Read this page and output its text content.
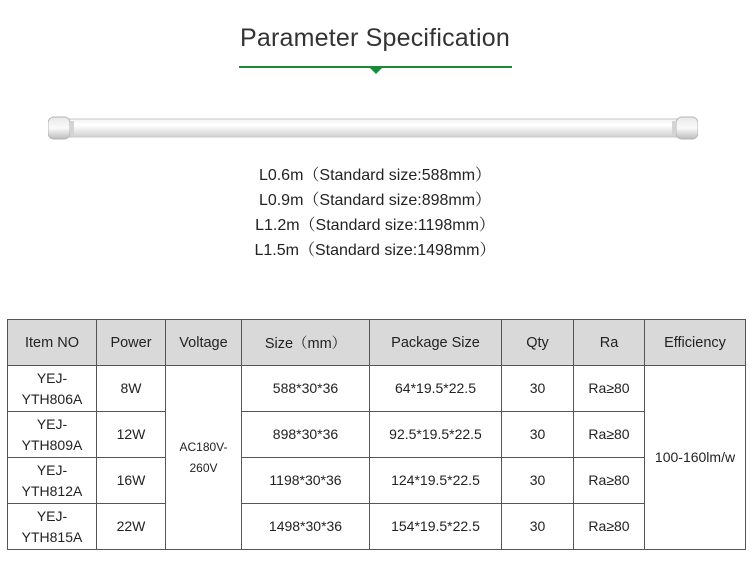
Parameter Specification
L0.6m（Standard size:588mm）
L0.9m（Standard size:898mm）
L1.2m（Standard size:1198mm）
L1.5m（Standard size:1498mm）
Item NO	Power	Voltage	Size（mm）	Package Size	Qty	Ra	Efficiency
YEJ-YTH806A	8W	AC180V-260V	588*30*36	64*19.5*22.5	30	Ra≥80	100-160lm/w
YEJ-YTH809A	12W		898*30*36	92.5*19.5*22.5	30	Ra≥80	
YEJ-YTH812A	16W		1198*30*36	124*19.5*22.5	30	Ra≥80	
YEJ-YTH815A	22W		1498*30*36	154*19.5*22.5	30	Ra≥80	
